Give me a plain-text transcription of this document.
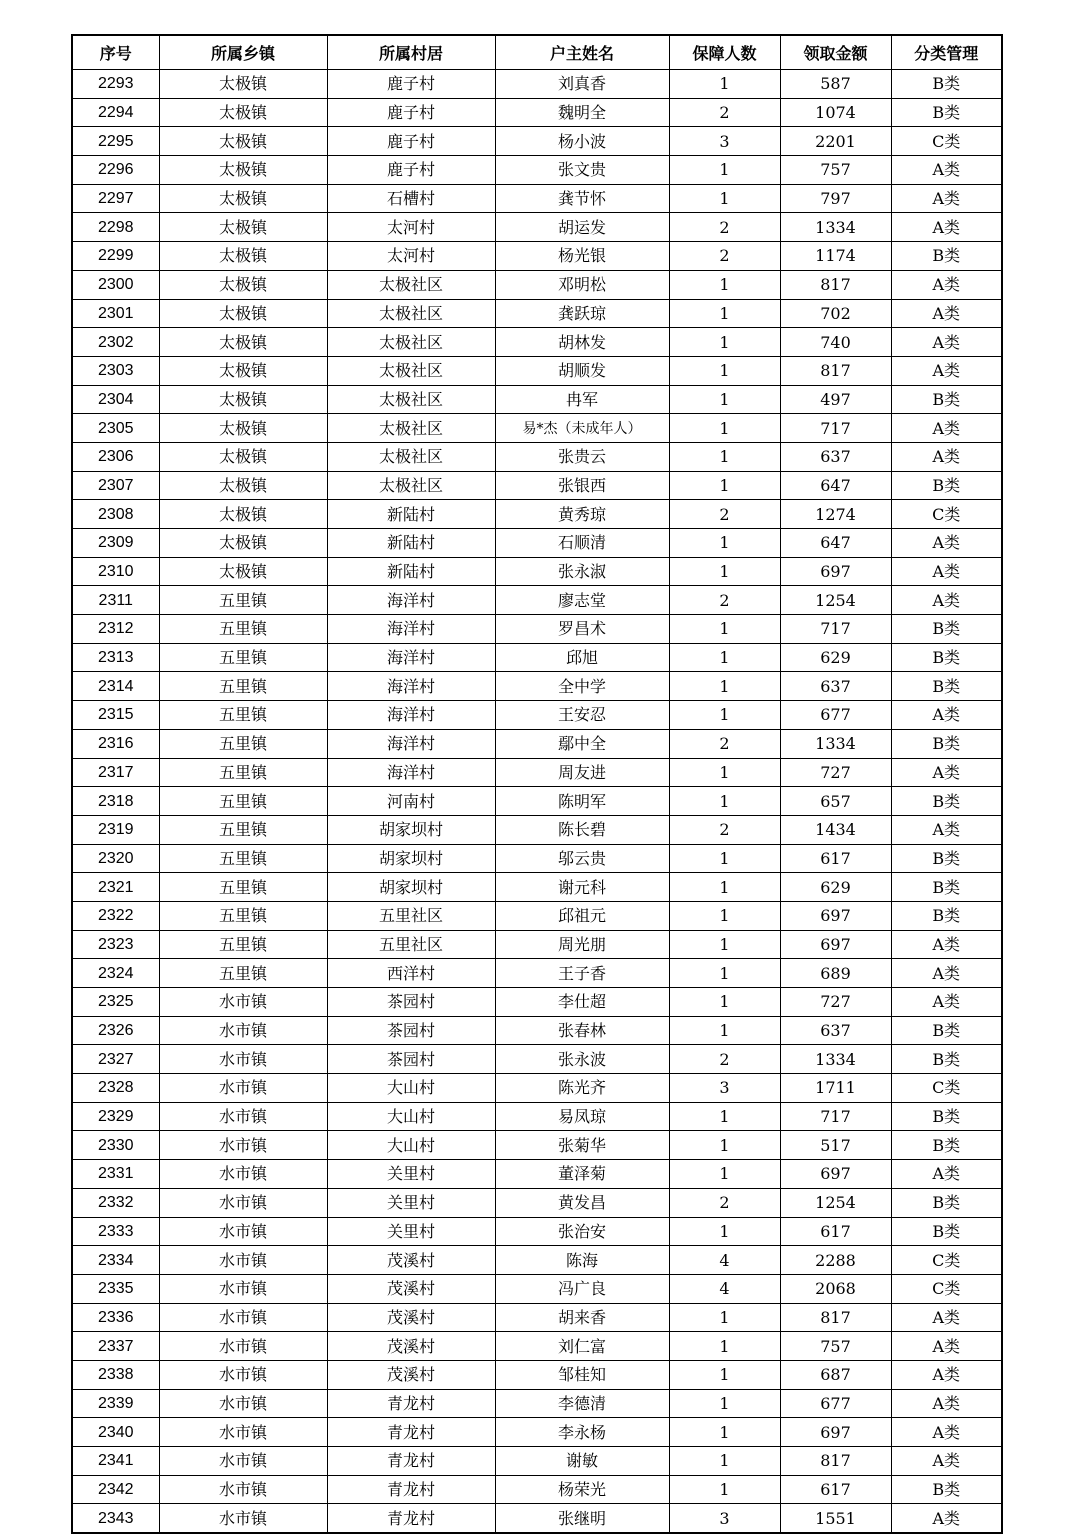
序号	所属乡镇	所属村居	户主姓名	保障人数	领取金额	分类管理
2293	太极镇	鹿子村	刘真香	1	587	B类
2294	太极镇	鹿子村	魏明全	2	1074	B类
2295	太极镇	鹿子村	杨小波	3	2201	C类
2296	太极镇	鹿子村	张文贵	1	757	A类
2297	太极镇	石槽村	龚节怀	1	797	A类
2298	太极镇	太河村	胡运发	2	1334	A类
2299	太极镇	太河村	杨光银	2	1174	B类
2300	太极镇	太极社区	邓明松	1	817	A类
2301	太极镇	太极社区	龚跃琼	1	702	A类
2302	太极镇	太极社区	胡林发	1	740	A类
2303	太极镇	太极社区	胡顺发	1	817	A类
2304	太极镇	太极社区	冉军	1	497	B类
2305	太极镇	太极社区	易*杰（未成年人）	1	717	A类
2306	太极镇	太极社区	张贵云	1	637	A类
2307	太极镇	太极社区	张银西	1	647	B类
2308	太极镇	新陆村	黄秀琼	2	1274	C类
2309	太极镇	新陆村	石顺清	1	647	A类
2310	太极镇	新陆村	张永淑	1	697	A类
2311	五里镇	海洋村	廖志堂	2	1254	A类
2312	五里镇	海洋村	罗昌术	1	717	B类
2313	五里镇	海洋村	邱旭	1	629	B类
2314	五里镇	海洋村	全中学	1	637	B类
2315	五里镇	海洋村	王安忍	1	677	A类
2316	五里镇	海洋村	鄢中全	2	1334	B类
2317	五里镇	海洋村	周友进	1	727	A类
2318	五里镇	河南村	陈明军	1	657	B类
2319	五里镇	胡家坝村	陈长碧	2	1434	A类
2320	五里镇	胡家坝村	邬云贵	1	617	B类
2321	五里镇	胡家坝村	谢元科	1	629	B类
2322	五里镇	五里社区	邱祖元	1	697	B类
2323	五里镇	五里社区	周光朋	1	697	A类
2324	五里镇	西洋村	王子香	1	689	A类
2325	水市镇	茶园村	李仕超	1	727	A类
2326	水市镇	茶园村	张春林	1	637	B类
2327	水市镇	茶园村	张永波	2	1334	B类
2328	水市镇	大山村	陈光齐	3	1711	C类
2329	水市镇	大山村	易凤琼	1	717	B类
2330	水市镇	大山村	张菊华	1	517	B类
2331	水市镇	关里村	董泽菊	1	697	A类
2332	水市镇	关里村	黄发昌	2	1254	B类
2333	水市镇	关里村	张治安	1	617	B类
2334	水市镇	茂溪村	陈海	4	2288	C类
2335	水市镇	茂溪村	冯广良	4	2068	C类
2336	水市镇	茂溪村	胡来香	1	817	A类
2337	水市镇	茂溪村	刘仁富	1	757	A类
2338	水市镇	茂溪村	邹桂知	1	687	A类
2339	水市镇	青龙村	李德清	1	677	A类
2340	水市镇	青龙村	李永杨	1	697	A类
2341	水市镇	青龙村	谢敏	1	817	A类
2342	水市镇	青龙村	杨荣光	1	617	B类
2343	水市镇	青龙村	张继明	3	1551	A类
